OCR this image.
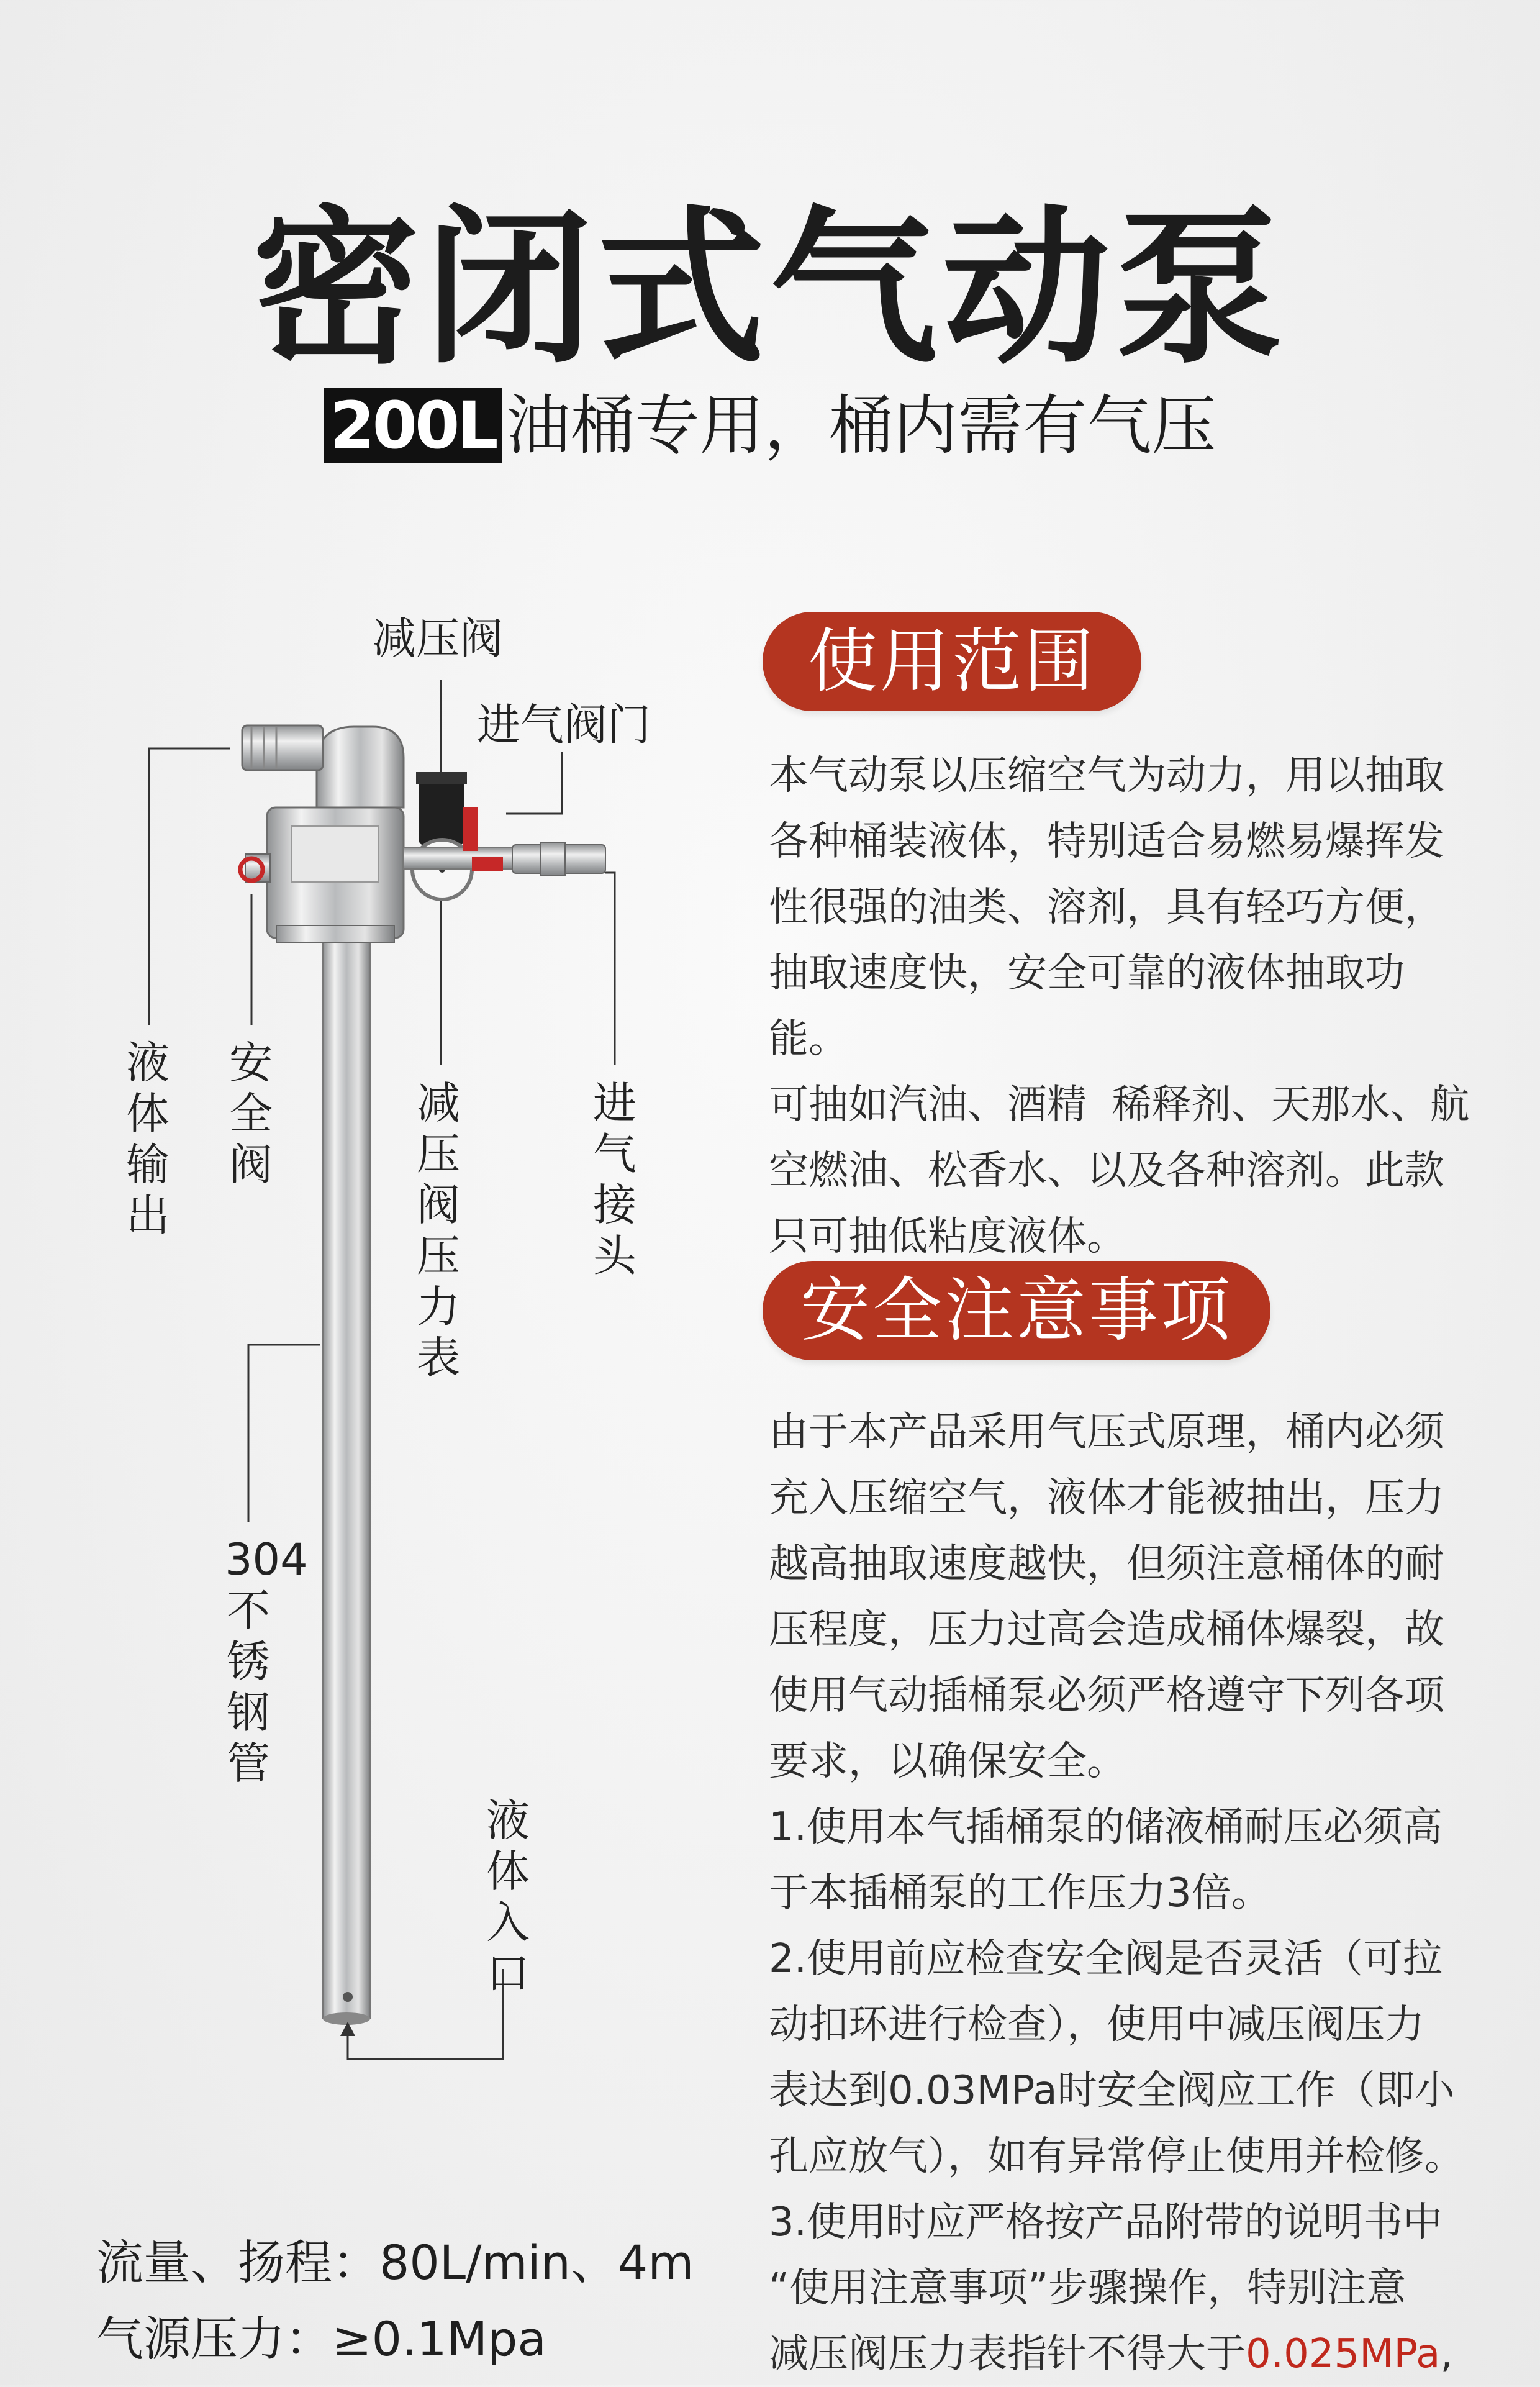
密闭式气动泵
200L 油桶专用，桶内需有气压
减压阀
进气阀门
液体输出
安全阀
减压阀压力表
进气接头
304不锈钢管
液体入口
使用范围

本气动泵以压缩空气为动力，用以抽取

各种桶装液体，特别适合易燃易爆挥发

性很强的油类、溶剂，具有轻巧方便，

抽取速度快，安全可靠的液体抽取功能。

可抽如汽油、酒精  稀释剂、天那水、航

空燃油、松香水、以及各种溶剂。此款

只可抽低粘度液体。

安全注意事项

由于本产品采用气压式原理，桶内必须

充入压缩空气，液体才能被抽出，压力

越高抽取速度越快，但须注意桶体的耐

压程度，压力过高会造成桶体爆裂，故

使用气动插桶泵必须严格遵守下列各项

要求，以确保安全。

1.使用本气插桶泵的储液桶耐压必须高

于本插桶泵的工作压力3倍。

2.使用前应检查安全阀是否灵活（可拉

动扣环进行检查），使用中减压阀压力

表达到0.03MPa时安全阀应工作（即小

孔应放气），如有异常停止使用并检修。

3.使用时应严格按产品附带的说明书中

“使用注意事项”步骤操作，特别注意

减压阀压力表指针不得大于0.025MPa,

流量、扬程：80L/min、4m
气源压力：≥0.1Mpa
